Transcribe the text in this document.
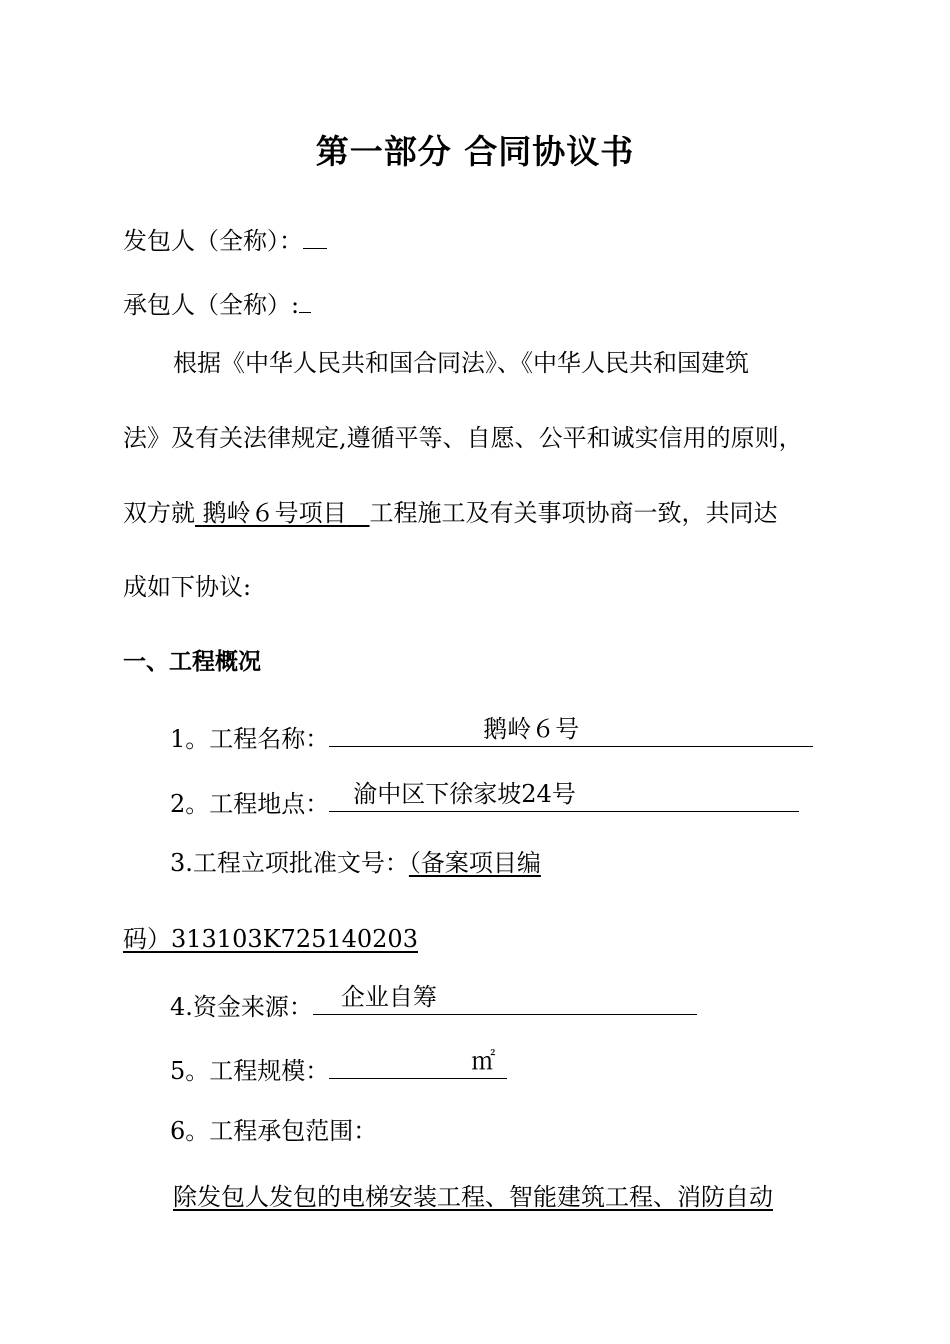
第一部分 合同协议书
发包人（全称）：
承包人（全称）:
根据《中华人民共和国合同法》、《中华人民共和国建筑
法》及有关法律规定,遵循平等、自愿、公平和诚实信用的原则，
双方就 鹅岭６号项目 工程施工及有关事项协商一致，共同达
成如下协议:
一、工程概况
1。工程名称：	鹅岭６号
2。工程地点： 渝中区下徐家坡24号
3.工程立项批准文号：（备案项目编
码）313103K725140203
4.资金来源： 企业自筹
5。工程规模：	㎡
6。工程承包范围：
除发包人发包的电梯安装工程、智能建筑工程、消防自动
